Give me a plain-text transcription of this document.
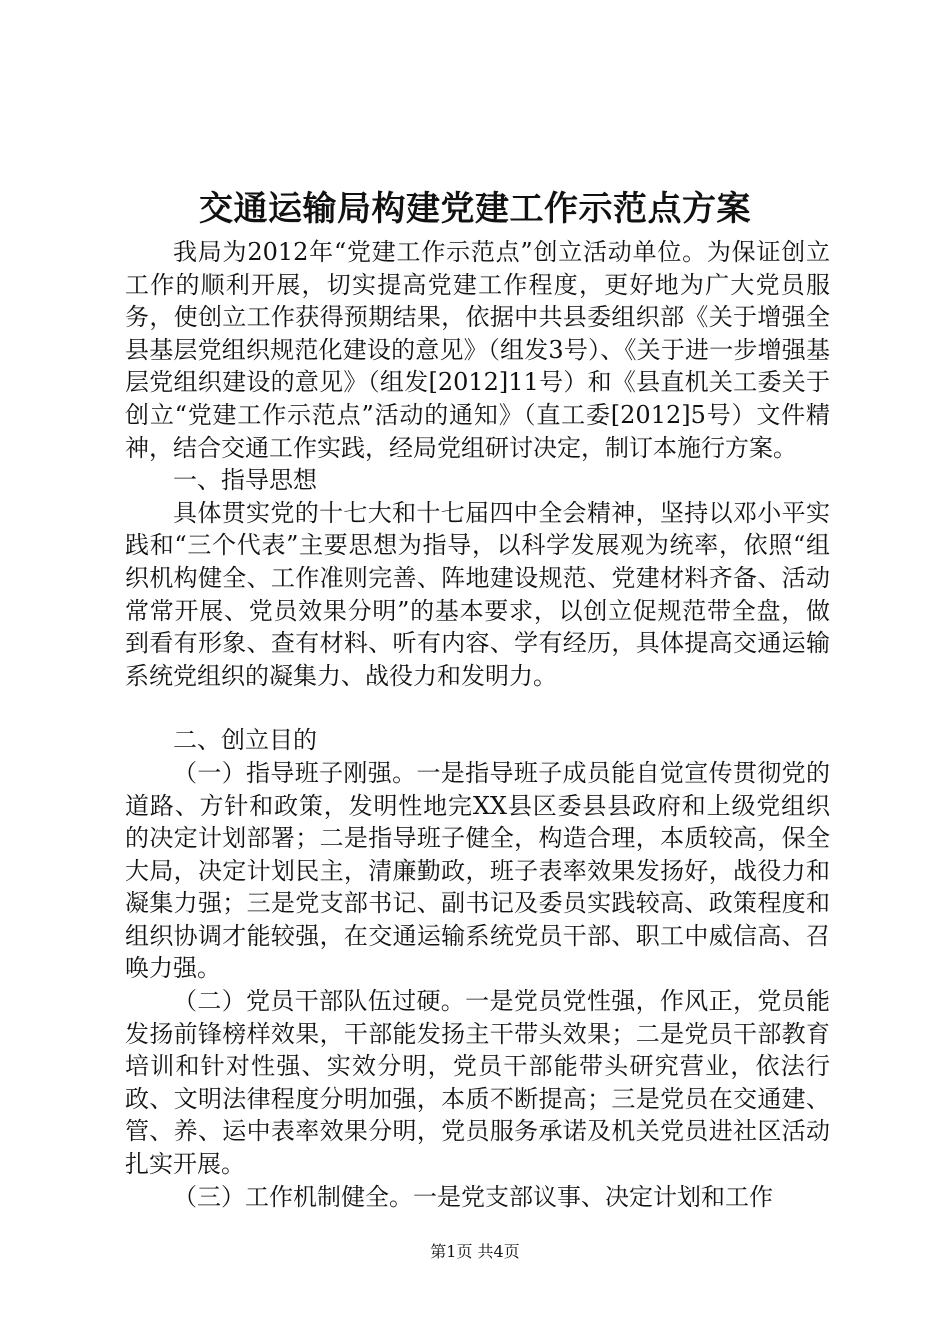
交通运输局构建党建工作示范点方案

我局为2012年“党建工作示范点”创立活动单位。为保证创立工作的顺利开展，切实提高党建工作程度，更好地为广大党员服务，使创立工作获得预期结果，依据中共县委组织部《关于增强全县基层党组织规范化建设的意见》（组发3号）、《关于进一步增强基层党组织建设的意见》（组发[2012]11号）和《县直机关工委关于创立“党建工作示范点”活动的通知》（直工委[2012]5号）文件精神，结合交通工作实践，经局党组研讨决定，制订本施行方案。

一、指导思想

具体贯实党的十七大和十七届四中全会精神，坚持以邓小平实践和“三个代表”主要思想为指导，以科学发展观为统率，依照“组织机构健全、工作准则完善、阵地建设规范、党建材料齐备、活动常常开展、党员效果分明”的基本要求，以创立促规范带全盘，做到看有形象、查有材料、听有内容、学有经历，具体提高交通运输系统党组织的凝集力、战役力和发明力。

二、创立目的

（一）指导班子刚强。一是指导班子成员能自觉宣传贯彻党的道路、方针和政策，发明性地完XX县区委县县政府和上级党组织的决定计划部署；二是指导班子健全，构造合理，本质较高，保全大局，决定计划民主，清廉勤政，班子表率效果发扬好，战役力和凝集力强；三是党支部书记、副书记及委员实践较高、政策程度和组织协调才能较强，在交通运输系统党员干部、职工中威信高、召唤力强。

（二）党员干部队伍过硬。一是党员党性强，作风正，党员能发扬前锋榜样效果，干部能发扬主干带头效果；二是党员干部教育培训和针对性强、实效分明，党员干部能带头研究营业，依法行政、文明法律程度分明加强，本质不断提高；三是党员在交通建、管、养、运中表率效果分明，党员服务承诺及机关党员进社区活动扎实开展。

（三）工作机制健全。一是党支部议事、决定计划和工作

第1页 共4页
